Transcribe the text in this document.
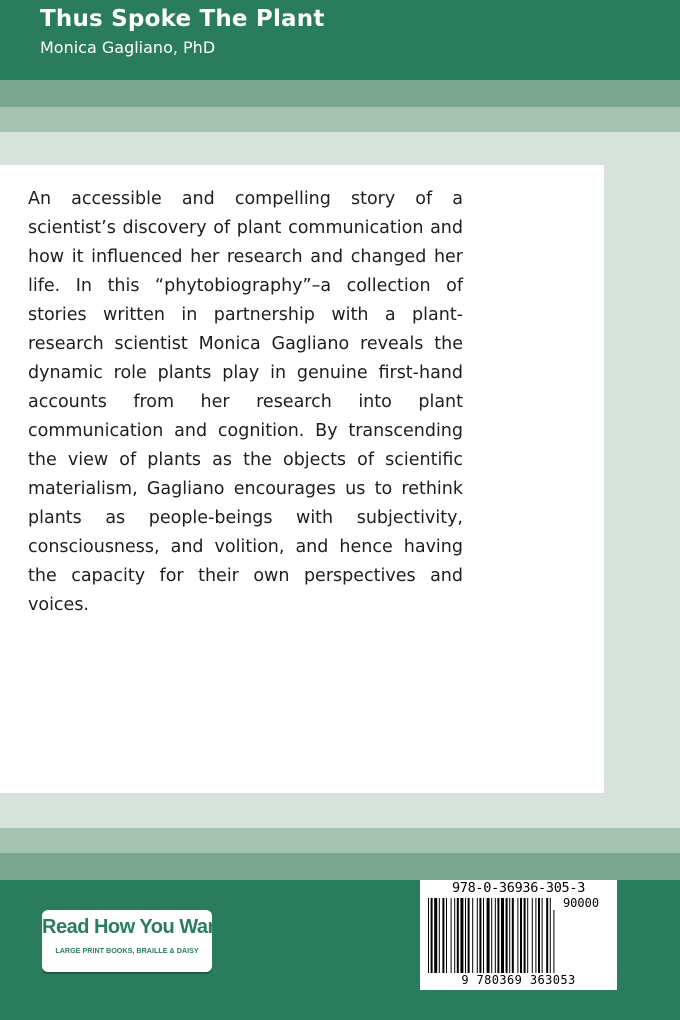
Thus Spoke The Plant
Monica Gagliano, PhD

An accessible and compelling story of a scientist’s discovery of plant communication and how it influenced her research and changed her life. In this “phytobiography”–a collection of stories written in partnership with a plant-research scientist Monica Gagliano reveals the dynamic role plants play in genuine first-hand accounts from her research into plant communication and cognition. By transcending the view of plants as the objects of scientific materialism, Gagliano encourages us to rethink plants as people-beings with subjectivity, consciousness, and volition, and hence having the capacity for their own perspectives and voices.

Read How You Want
LARGE PRINT BOOKS, BRAILLE & DAISY
978-0-36936-305-3
90000
9 780369 363053
